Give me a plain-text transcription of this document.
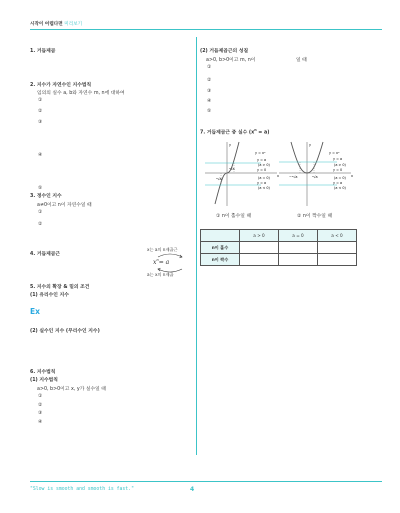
시작이 어렵다면 미리보기
1. 거듭제곱
2. 지수가 자연수인 지수법칙
임의의 실수 a, b와 자연수 m, n에 대하여
①
②
③
④
⑤
3. 정수인 지수
a≠0이고 n이 자연수일 때
①
②
4. 거듭제곱근
x는 a의 n제곱근
$x^n= a$
a는 x의 n제곱
5. 지수의 확장 & 밑의 조건
(1) 유리수인 지수
Ex
(2) 실수인 지수 (무리수인 지수)
6. 지수법칙
(1) 지수법칙
a>0, b>0이고 x, y가 실수일 때
①
②
③
④
(2) 거듭제곱근의 성질
a>0, b>0이고 m, n이	일 때
①
②
③
④
⑤
7. 거듭제곱근 중 실수 $(x^n = a)$
y
x
y = xⁿ
y = a
(a > 0)
y = 0
(a = 0)
y = a
(a < 0)
ⁿ√a
ⁿ√a
y
x
y = xⁿ
y = a
(a > 0)
y = 0
(a = 0)
y = a
(a < 0)
−ⁿ√a	ⁿ√a
① n이 홀수일 때	② n이 짝수일 때
	a > 0	a = 0	a < 0
n이 홀수			
n이 짝수			
"Slow is smooth and smooth is fast."	4
